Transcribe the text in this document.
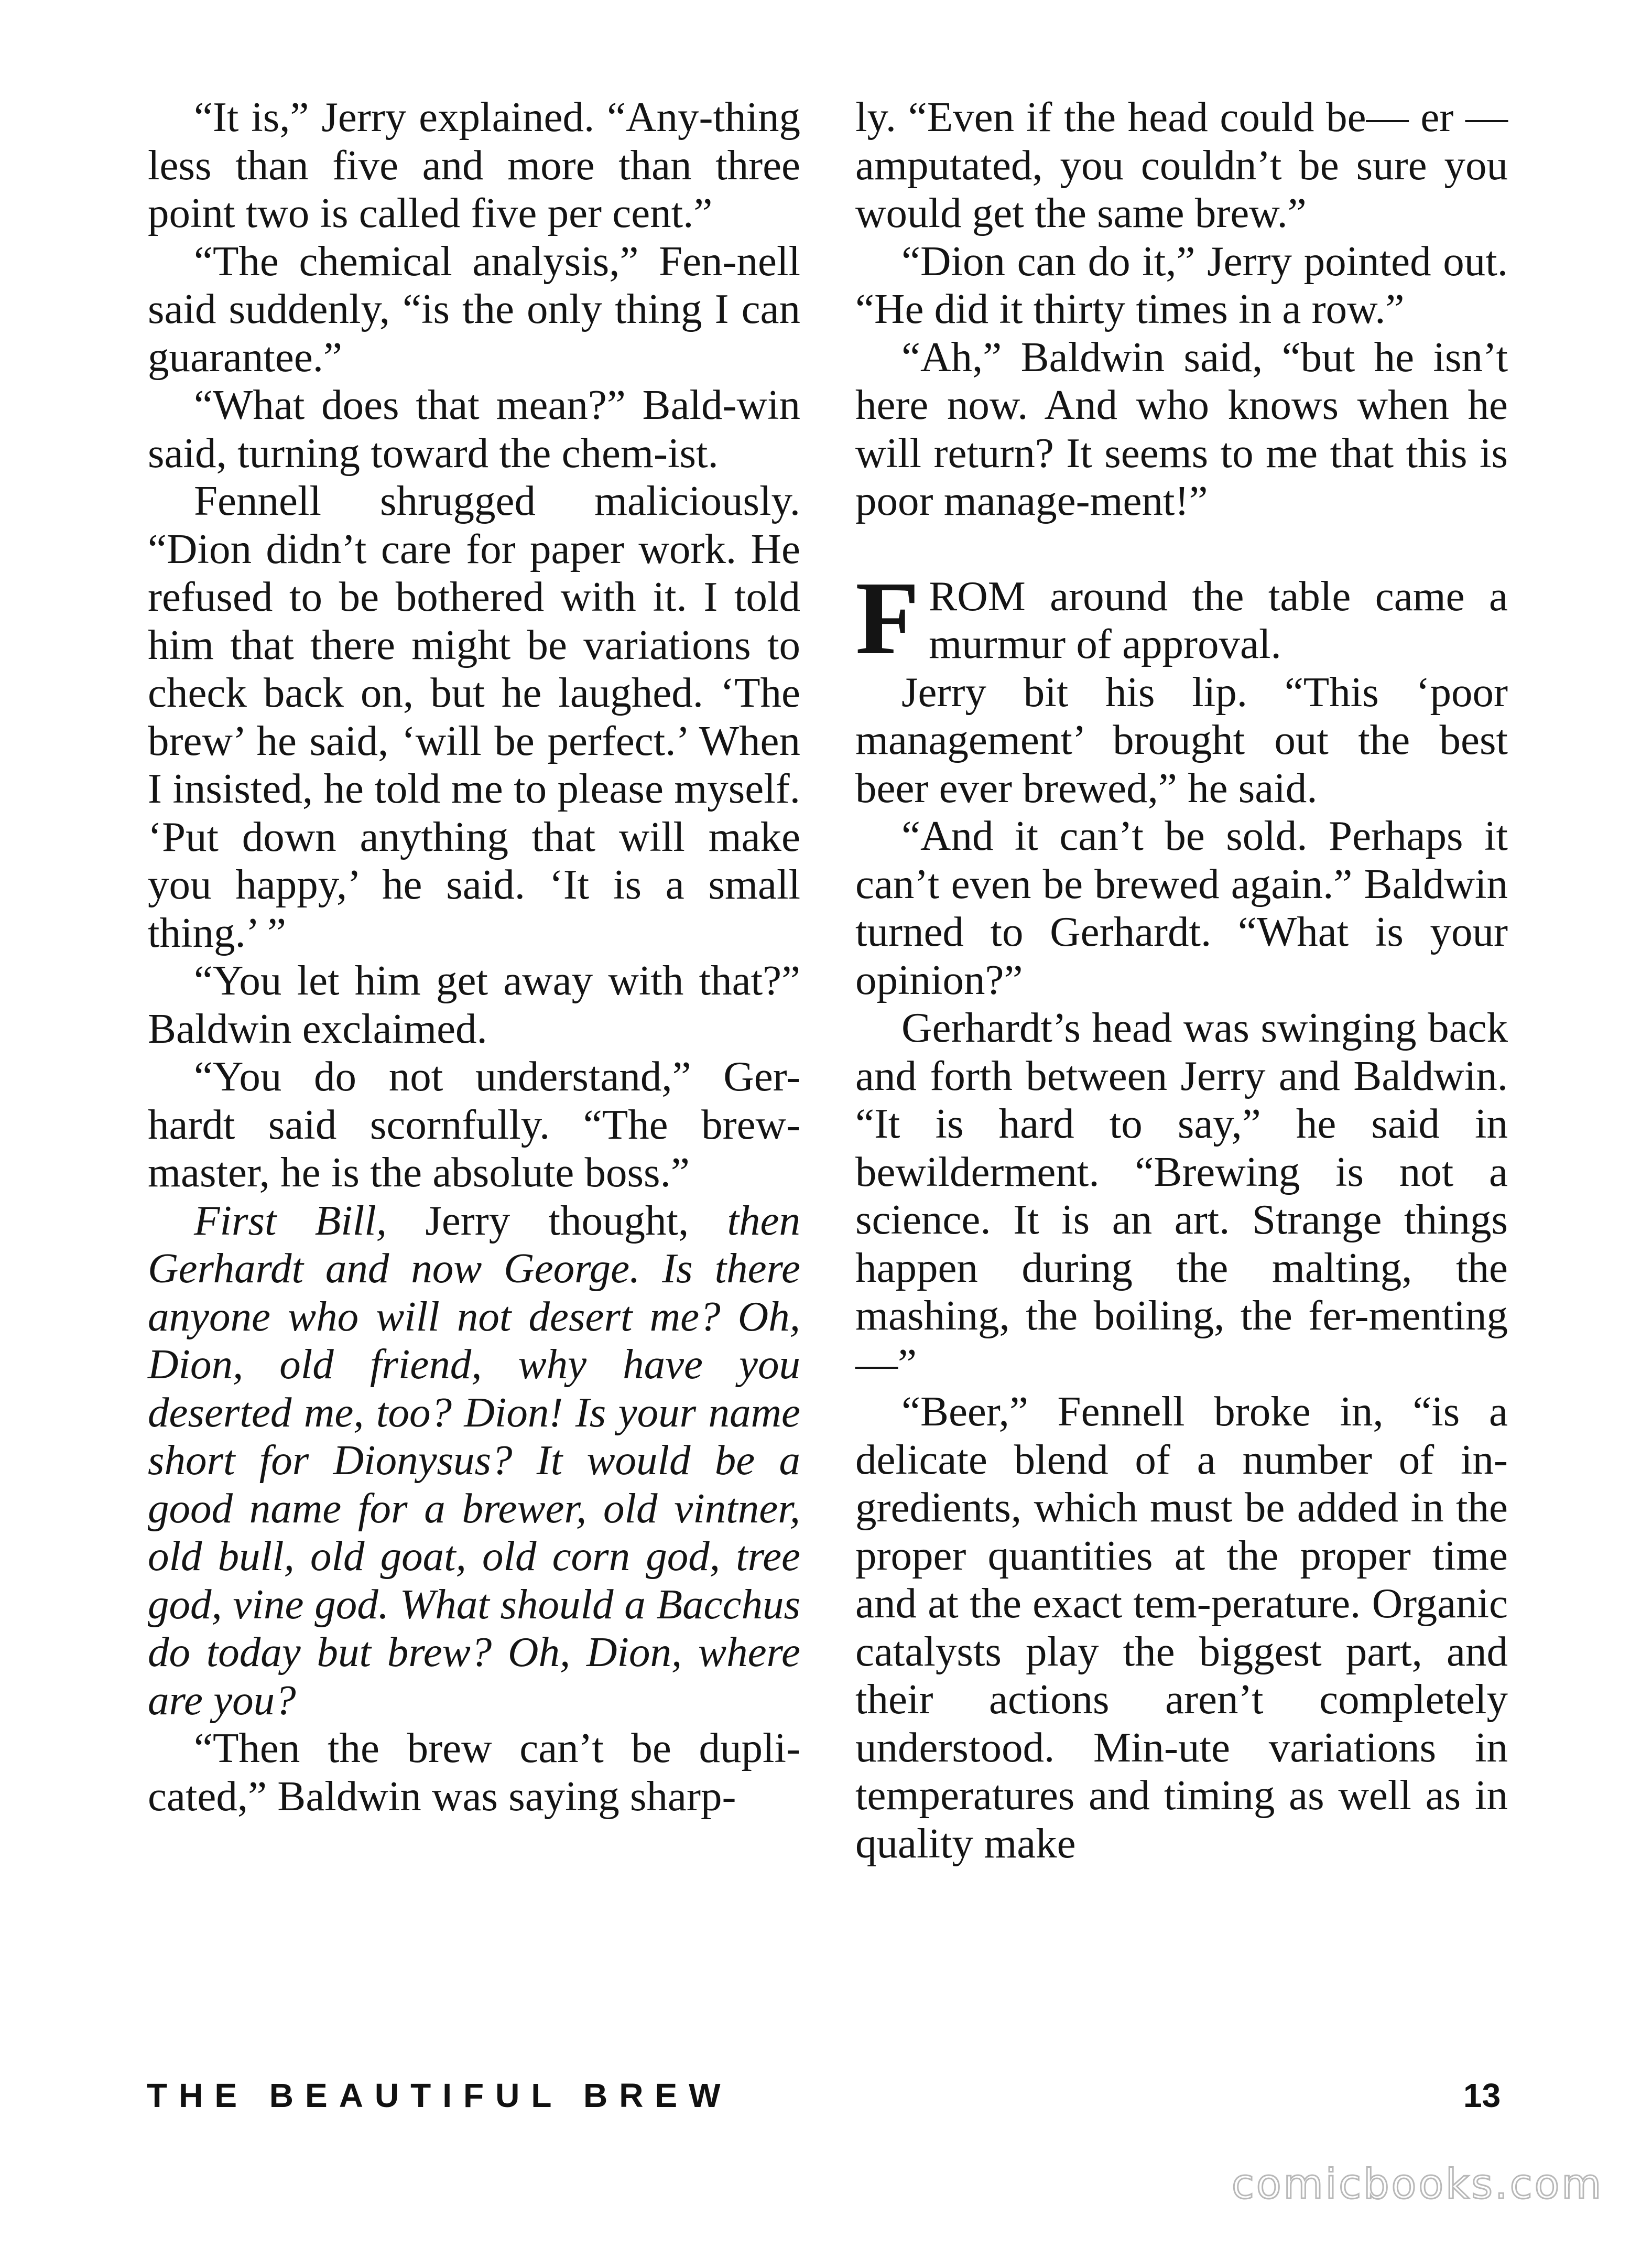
“It is,” Jerry explained. “Any-thing less than five and more than three point two is called five per cent.”

“The chemical analysis,” Fen-nell said suddenly, “is the only thing I can guarantee.”

“What does that mean?” Bald-win said, turning toward the chem-ist.

Fennell shrugged maliciously. “Dion didn’t care for paper work. He refused to be bothered with it. I told him that there might be variations to check back on, but he laughed. ‘The brew’ he said, ‘will be perfect.’ When I insisted, he told me to please myself. ‘Put down anything that will make you happy,’ he said. ‘It is a small thing.’ ”

“You let him get away with that?” Baldwin exclaimed.

“You do not understand,” Ger-hardt said scornfully. “The brew-master, he is the absolute boss.”

First Bill, Jerry thought, then Gerhardt and now George. Is there anyone who will not desert me? Oh, Dion, old friend, why have you deserted me, too? Dion! Is your name short for Dionysus? It would be a good name for a brewer, old vintner, old bull, old goat, old corn god, tree god, vine god. What should a Bacchus do today but brew? Oh, Dion, where are you?

“Then the brew can’t be dupli-cated,” Baldwin was saying sharp-

ly. “Even if the head could be— er — amputated, you couldn’t be sure you would get the same brew.”

“Dion can do it,” Jerry pointed out. “He did it thirty times in a row.”

“Ah,” Baldwin said, “but he isn’t here now. And who knows when he will return? It seems to me that this is poor manage-ment!”

FROM around the table came a murmur of approval.

Jerry bit his lip. “This ‘poor management’ brought out the best beer ever brewed,” he said.

“And it can’t be sold. Perhaps it can’t even be brewed again.” Baldwin turned to Gerhardt. “What is your opinion?”

Gerhardt’s head was swinging back and forth between Jerry and Baldwin. “It is hard to say,” he said in bewilderment. “Brewing is not a science. It is an art. Strange things happen during the malting, the mashing, the boiling, the fer-menting—”

“Beer,” Fennell broke in, “is a delicate blend of a number of in-gredients, which must be added in the proper quantities at the proper time and at the exact tem-perature. Organic catalysts play the biggest part, and their actions aren’t completely understood. Min-ute variations in temperatures and timing as well as in quality make

THE BEAUTIFUL BREW	13
comicbooks.com
